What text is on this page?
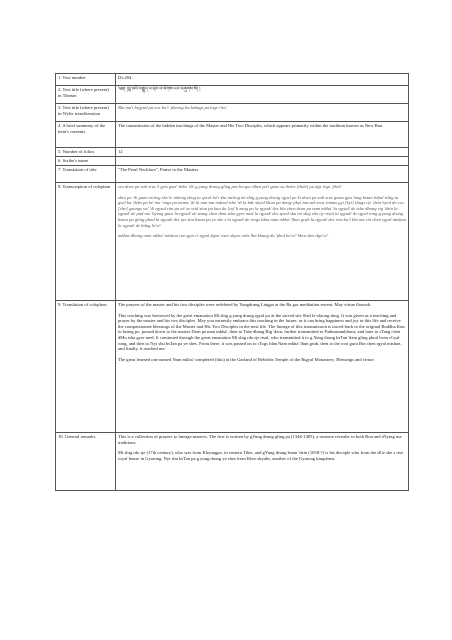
1. Text number	Dv.204
2. Text title (where present) in Tibetan	༄༅། །བླ་མའི་བརྒྱུད་པ་ཕྲེང་བ་ལེགས་པར་བཞུགས་སོ། །
3. Text title (where present) in Wylie transliteration	Bla ma'i brgyud pa nor bu'i 'phreng ba bzhugs pa legs+ho/
4. A brief summary of the item's contents	The transmission of the hidden teachings of the Master and His Two Disciples, which appears primarily within the tradition known as New Bon.
5. Number of folios	12
6. Scribe's name	
7. Translation of title	"The Pearl Necklace", Praise to the Masters
8. Transcription of colophon	ces dran pa sab srus 3 gyis gsol 'debs 'di/ g.yung drung gling pas ba gor dben pa'i gnas su thobs [thob] pa dge legs 'phel/

zhes pa 'di gnas mchog she le rdzong drug tu sprul ba'i sku mchog mi shig g.yung drung rgyal po ki dran pa sab srus gsum gyis lung bstan bskul tshig tu gsol ba 'debs pa la/ ma 'ongs pa mams 'di la nan tan mdzod tshe 'di la bde skyid khan pa dang/ phyi ma sab srus rnmas gyi [kyi] thugs rje 'dzin byed do ces [che] gsungs so/ 'di rgyud rim pa ni/ se srid ston pa kun du [tu] b zang po la rgyud/ des bla chen dran pa nam mkha' la rgyud/ de tshe dbang rig 'dzin la rgyud/ de pad ma 'byung gnas la rgyud/ de stang chen dmu tsha gyer med la rgyud/ des sprul sku mi shig rdo rje rtsal la rgyud/ de rgyal rong g.yung drung bstan pa gling phud la rgyud/ des nyi shu bstan pa ye she s la rgyud/ de rtogs ldan nam mkha' lhun grub la rgyud/ des rtsa ba'i bla ma rin chen rgyal mtshan la rgyud/ de bdag la'o//

mkhas dbang nam mkha' mtshan can gyis ri rgyal dgon rtser skyes rabs lha khang du 'phul ba'o// bkra shis dge'o//

9. Translation of colophon	The prayers of the master and his two disciples were redeleted by Yungdrung Lingpa at the Ba gor meditation retreat. May virtue flourish.

This teaching was bestowed by the great emanation Mi shig g.yung drung rgyal po at the sacred site Shel le rdzong drug. It was given as a teaching and prayer by the master and his two disciples. May you earnestly embrace this teaching in the future, as it can bring happiness and joy in this life and receive the compassionate blessings of the Master and His Two Disciples in the next life. The lineage of this transmission is traced back to the original Buddha Kun tu bzang po, passed down to the master Dran pa nam mkha', then to Tshe dbang Rig 'dzin, further transmitted to Padmasambhava, and later to sTang chen dMu tsha gyer med. It continued through the great emanation Mi shig rdo rje rtsal, who transmitted it to g.Yung drung bsTan 'dzin gling phud from rGyal rong, and then to Nyi shu bsTan pa ye shes. From there, it was passed on to rTogs ldan Nam mkha' lhun grub, then to the root guru Rin chen rgyal mtshan, and finally, it reached me.

The great learned one named Nam mkha' completed (this) at the Garland of Rebirths Temple of the Rigyal Monastery. Blessings and virtue.

10. General remarks	This is a collection of prayers to lineage masters. The first is written by gYung drung gling pa (1346-1405), a treasure revealer in both Bon and rNying ma traditions.

Mi shig rdo rje (17th century), who was from Khyungpo, in eastern Tibet, and gYung drung bstan 'dzin (1658-?) is his disciple who from the dGe she s rtse royal house in Gyarong, Nyi shu bsTan pa g.yung drung ye shes from Khro skyabs, another of the Gyarong kingdoms.
